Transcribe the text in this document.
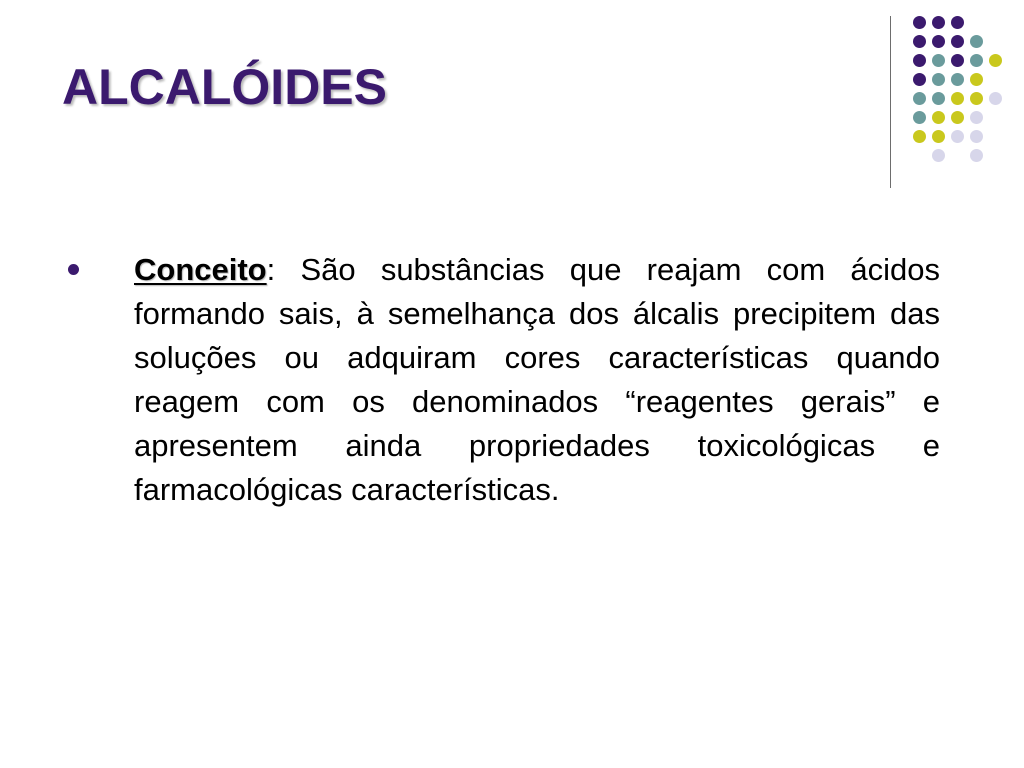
ALCALÓIDES

Conceito: São substâncias que reajam com ácidos formando sais, à semelhança dos álcalis precipitem das soluções ou adquiram cores características quando reagem com os denominados “reagentes gerais” e apresentem ainda propriedades toxicológicas e farmacológicas características.
